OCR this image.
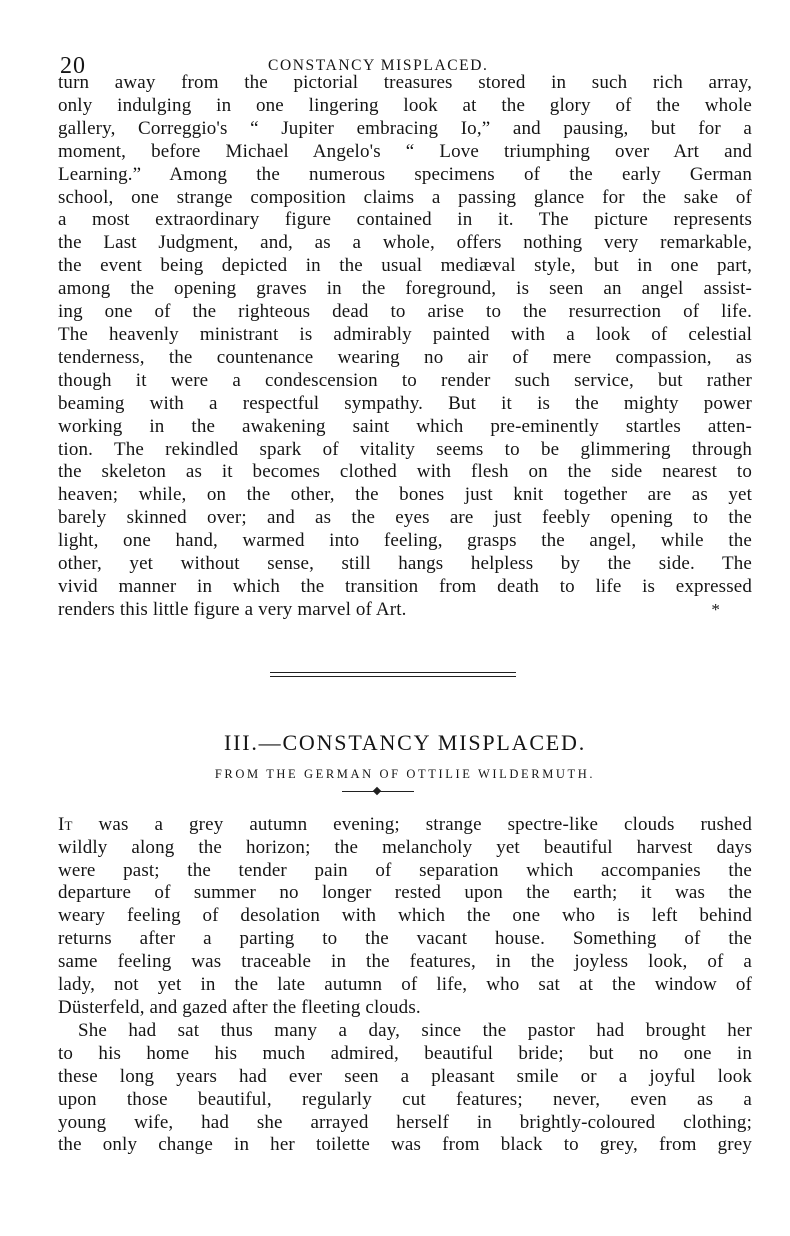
20	CONSTANCY MISPLACED.

turn away from the pictorial treasures stored in such rich array,

only indulging in one lingering look at the glory of the whole

gallery, Correggio's “ Jupiter embracing Io,” and pausing, but for a

moment, before Michael Angelo's “ Love triumphing over Art and

Learning.” Among the numerous specimens of the early German

school, one strange composition claims a passing glance for the sake of

a most extraordinary figure contained in it. The picture represents

the Last Judgment, and, as a whole, offers nothing very remarkable,

the event being depicted in the usual mediæval style, but in one part,

among the opening graves in the foreground, is seen an angel assist-

ing one of the righteous dead to arise to the resurrection of life.

The heavenly ministrant is admirably painted with a look of celestial

tenderness, the countenance wearing no air of mere compassion, as

though it were a condescension to render such service, but rather

beaming with a respectful sympathy. But it is the mighty power

working in the awakening saint which pre-eminently startles atten-

tion. The rekindled spark of vitality seems to be glimmering through

the skeleton as it becomes clothed with flesh on the side nearest to

heaven; while, on the other, the bones just knit together are as yet

barely skinned over; and as the eyes are just feebly opening to the

light, one hand, warmed into feeling, grasps the angel, while the

other, yet without sense, still hangs helpless by the side. The

vivid manner in which the transition from death to life is expressed

renders this little figure a very marvel of Art.	*

III.—CONSTANCY MISPLACED.
FROM THE GERMAN OF OTTILIE WILDERMUTH.

It was a grey autumn evening; strange spectre-like clouds rushed

wildly along the horizon; the melancholy yet beautiful harvest days

were past; the tender pain of separation which accompanies the

departure of summer no longer rested upon the earth; it was the

weary feeling of desolation with which the one who is left behind

returns after a parting to the vacant house. Something of the

same feeling was traceable in the features, in the joyless look, of a

lady, not yet in the late autumn of life, who sat at the window of

Düsterfeld, and gazed after the fleeting clouds.

She had sat thus many a day, since the pastor had brought her

to his home his much admired, beautiful bride; but no one in

these long years had ever seen a pleasant smile or a joyful look

upon those beautiful, regularly cut features; never, even as a

young wife, had she arrayed herself in brightly-coloured clothing;

the only change in her toilette was from black to grey, from grey
